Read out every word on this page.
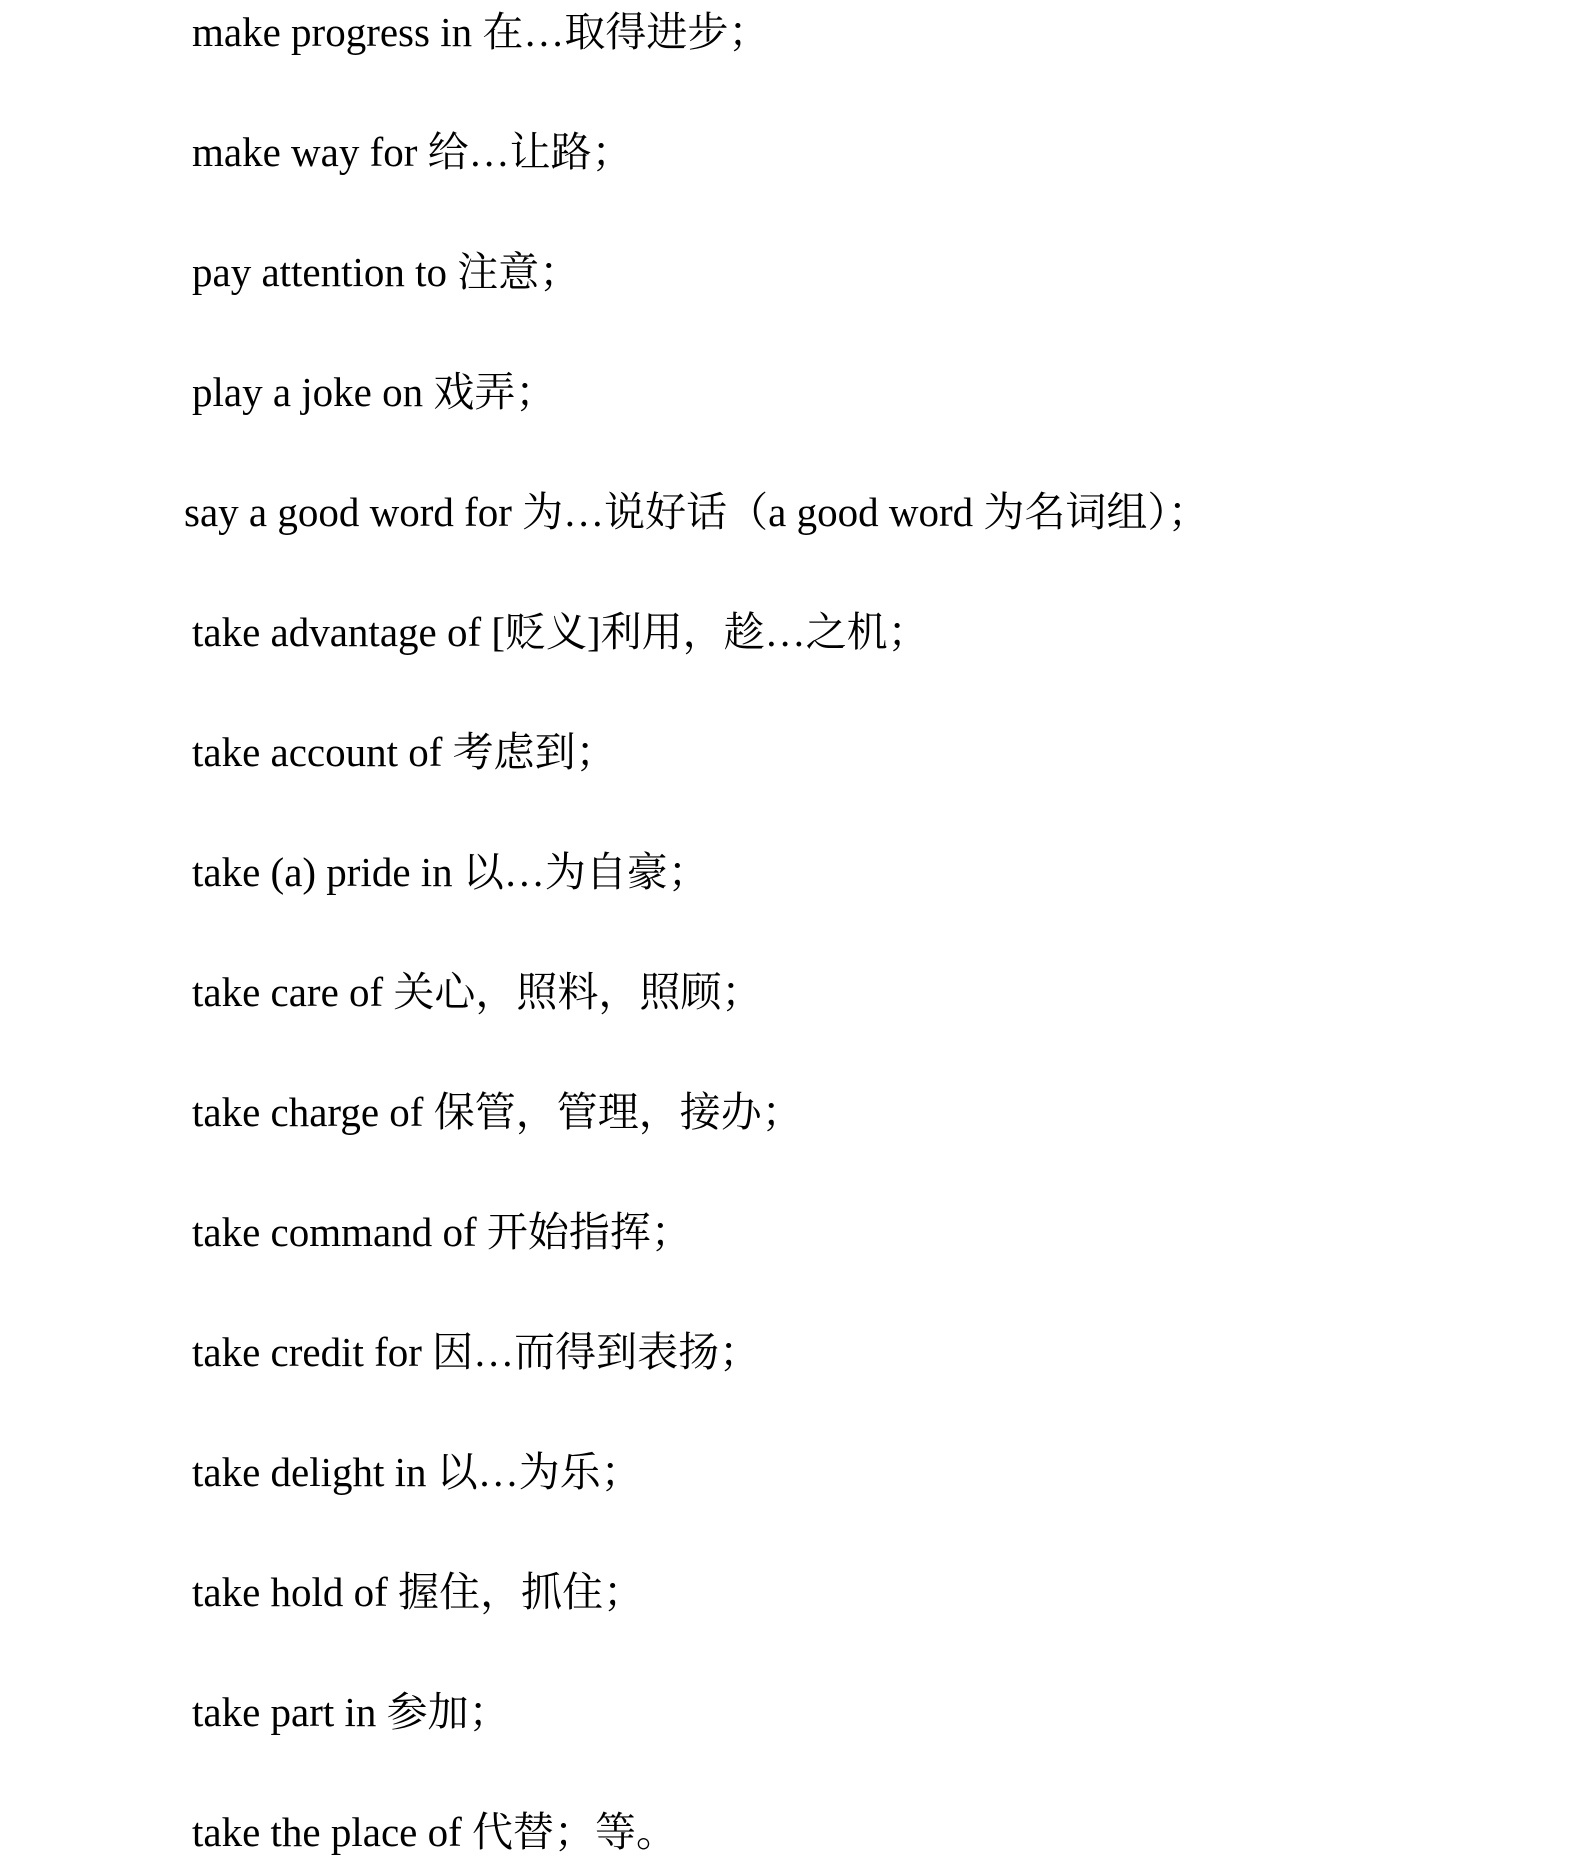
make progress in 在…取得进步；
make way for 给…让路；
pay attention to 注意；
play a joke on 戏弄；
say a good word for 为…说好话（a good word 为名词组）；
take advantage of [贬义]利用，趁…之机；
take account of 考虑到；
take (a) pride in 以…为自豪；
take care of 关心，照料，照顾；
take charge of 保管，管理，接办；
take command of 开始指挥；
take credit for 因…而得到表扬；
take delight in 以…为乐；
take hold of 握住，抓住；
take part in 参加；
take the place of 代替；等。
